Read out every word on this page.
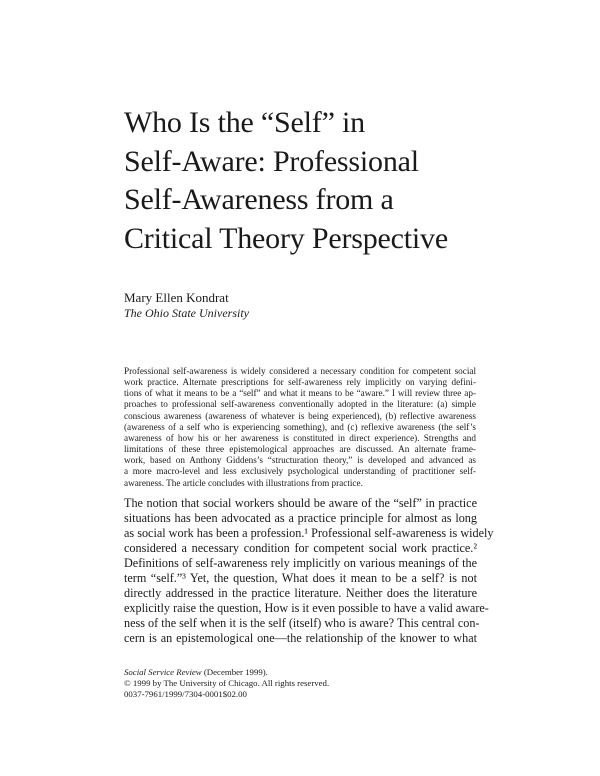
Who Is the “Self” in
Self-Aware: Professional
Self-Awareness from a
Critical Theory Perspective
Mary Ellen Kondrat
The Ohio State University
Professional self-awareness is widely considered a necessary condition for competent social
work practice. Alternate prescriptions for self-awareness rely implicitly on varying defini-
tions of what it means to be a “self” and what it means to be “aware.” I will review three ap-
proaches to professional self-awareness conventionally adopted in the literature: (a) simple
conscious awareness (awareness of whatever is being experienced), (b) reflective awareness
(awareness of a self who is experiencing something), and (c) reflexive awareness (the self’s
awareness of how his or her awareness is constituted in direct experience). Strengths and
limitations of these three epistemological approaches are discussed. An alternate frame-
work, based on Anthony Giddens’s “structuration theory,” is developed and advanced as
a more macro-level and less exclusively psychological understanding of practitioner self-
awareness. The article concludes with illustrations from practice.
The notion that social workers should be aware of the “self” in practice
situations has been advocated as a practice principle for almost as long
as social work has been a profession.¹ Professional self-awareness is widely
considered a necessary condition for competent social work practice.²
Definitions of self-awareness rely implicitly on various meanings of the
term “self.”³ Yet, the question, What does it mean to be a self? is not
directly addressed in the practice literature. Neither does the literature
explicitly raise the question, How is it even possible to have a valid aware-
ness of the self when it is the self (itself) who is aware? This central con-
cern is an epistemological one—the relationship of the knower to what
Social Service Review (December 1999).
© 1999 by The University of Chicago. All rights reserved.
0037-7961/1999/7304-0001$02.00
